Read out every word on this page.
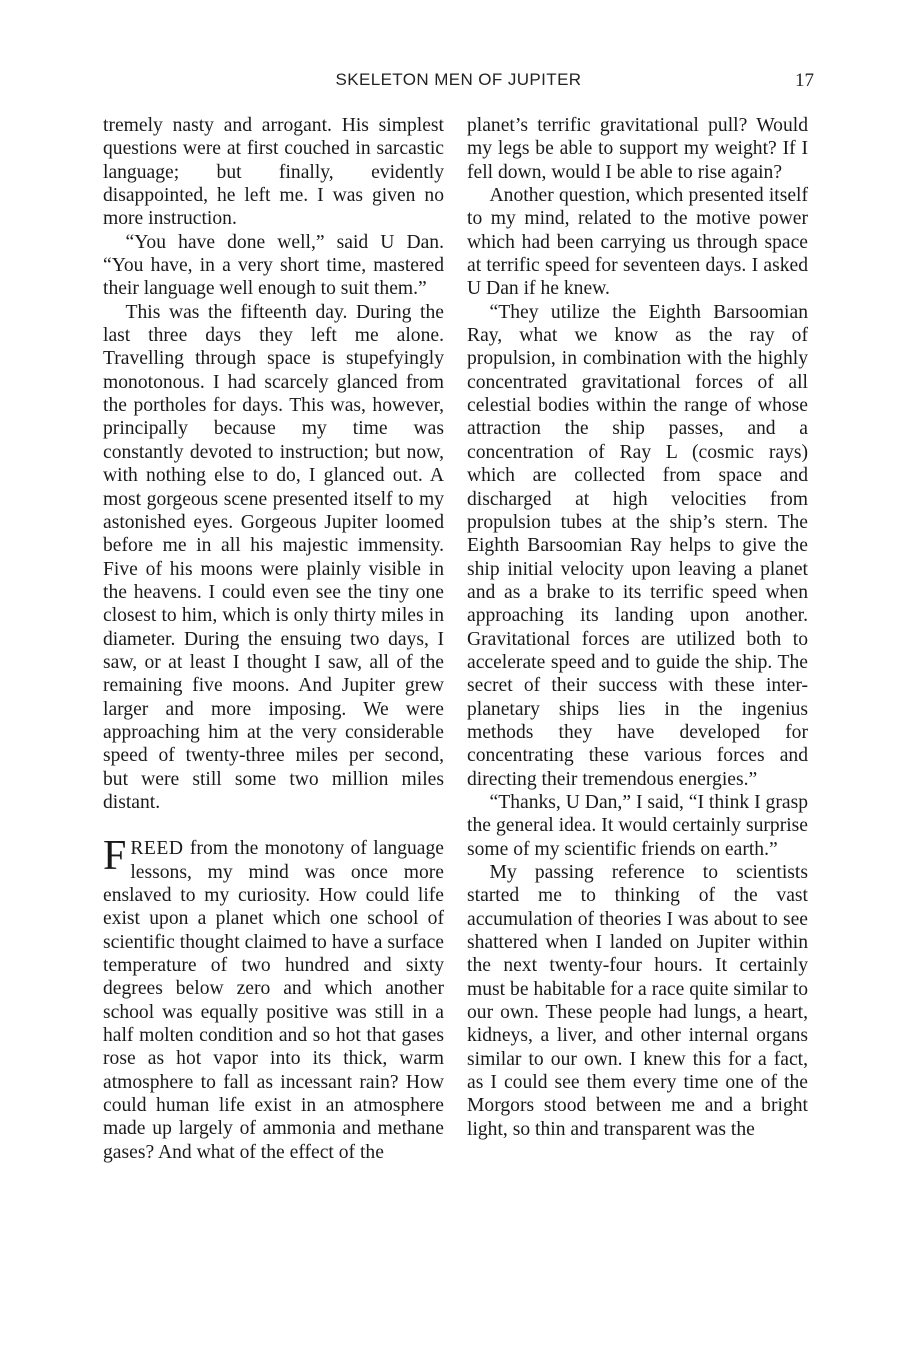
SKELETON MEN OF JUPITER	17

tremely nasty and arrogant. His simplest questions were at first couched in sarcastic language; but finally, evidently disappointed, he left me. I was given no more instruction.

“You have done well,” said U Dan. “You have, in a very short time, mastered their language well enough to suit them.”

This was the fifteenth day. During the last three days they left me alone. Travelling through space is stupefyingly monotonous. I had scarcely glanced from the portholes for days. This was, however, principally because my time was constantly devoted to instruction; but now, with nothing else to do, I glanced out. A most gorgeous scene presented itself to my astonished eyes. Gorgeous Jupiter loomed before me in all his majestic immensity. Five of his moons were plainly visible in the heavens. I could even see the tiny one closest to him, which is only thirty miles in diameter. During the ensuing two days, I saw, or at least I thought I saw, all of the remaining five moons. And Jupiter grew larger and more imposing. We were approaching him at the very considerable speed of twenty-three miles per second, but were still some two million miles distant.

FREED from the monotony of language lessons, my mind was once more enslaved to my curiosity. How could life exist upon a planet which one school of scientific thought claimed to have a surface temperature of two hundred and sixty degrees below zero and which another school was equally positive was still in a half molten condition and so hot that gases rose as hot vapor into its thick, warm atmosphere to fall as incessant rain? How could human life exist in an atmosphere made up largely of ammonia and methane gases? And what of the effect of the

planet’s terrific gravitational pull? Would my legs be able to support my weight? If I fell down, would I be able to rise again?

Another question, which presented itself to my mind, related to the motive power which had been carrying us through space at terrific speed for seventeen days. I asked U Dan if he knew.

“They utilize the Eighth Barsoomian Ray, what we know as the ray of propulsion, in combination with the highly concentrated gravitational forces of all celestial bodies within the range of whose attraction the ship passes, and a concentration of Ray L (cosmic rays) which are collected from space and discharged at high velocities from propulsion tubes at the ship’s stern. The Eighth Barsoomian Ray helps to give the ship initial velocity upon leaving a planet and as a brake to its terrific speed when approaching its landing upon another. Gravitational forces are utilized both to accelerate speed and to guide the ship. The secret of their success with these inter-planetary ships lies in the ingenius methods they have developed for concentrating these various forces and directing their tremendous energies.”

“Thanks, U Dan,” I said, “I think I grasp the general idea. It would certainly surprise some of my scientific friends on earth.”

My passing reference to scientists started me to thinking of the vast accumulation of theories I was about to see shattered when I landed on Jupiter within the next twenty-four hours. It certainly must be habitable for a race quite similar to our own. These people had lungs, a heart, kidneys, a liver, and other internal organs similar to our own. I knew this for a fact, as I could see them every time one of the Morgors stood between me and a bright light, so thin and transparent was the
